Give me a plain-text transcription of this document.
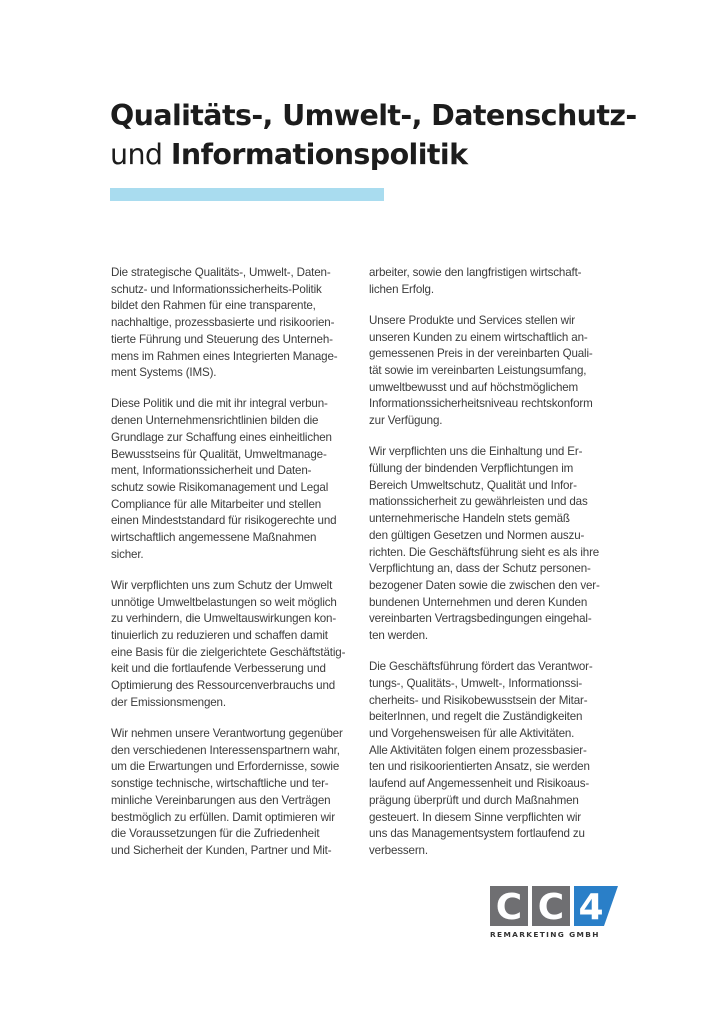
Qualitäts-, Umwelt-, Datenschutz-
und Informationspolitik

Die strategische Qualitäts-, Umwelt-, Daten-
schutz- und Informationssicherheits-Politik
bildet den Rahmen für eine transparente,
nachhaltige, prozessbasierte und risikoorien-
tierte Führung und Steuerung des Unterneh-
mens im Rahmen eines Integrierten Manage-
ment Systems (IMS).

Diese Politik und die mit ihr integral verbun-
denen Unternehmensrichtlinien bilden die
Grundlage zur Schaffung eines einheitlichen
Bewusstseins für Qualität, Umweltmanage-
ment, Informationssicherheit und Daten-
schutz sowie Risikomanagement und Legal
Compliance für alle Mitarbeiter und stellen
einen Mindeststandard für risikogerechte und
wirtschaftlich angemessene Maßnahmen
sicher.

Wir verpflichten uns zum Schutz der Umwelt
unnötige Umweltbelastungen so weit möglich
zu verhindern, die Umweltauswirkungen kon-
tinuierlich zu reduzieren und schaffen damit
eine Basis für die zielgerichtete Geschäftstätig-
keit und die fortlaufende Verbesserung und
Optimierung des Ressourcenverbrauchs und
der Emissionsmengen.

Wir nehmen unsere Verantwortung gegenüber
den verschiedenen Interessenspartnern wahr,
um die Erwartungen und Erfordernisse, sowie
sonstige technische, wirtschaftliche und ter-
minliche Vereinbarungen aus den Verträgen
bestmöglich zu erfüllen. Damit optimieren wir
die Voraussetzungen für die Zufriedenheit
und Sicherheit der Kunden, Partner und Mit-

arbeiter, sowie den langfristigen wirtschaft-
lichen Erfolg.

Unsere Produkte und Services stellen wir
unseren Kunden zu einem wirtschaftlich an-
gemessenen Preis in der vereinbarten Quali-
tät sowie im vereinbarten Leistungsumfang,
umweltbewusst und auf höchstmöglichem
Informationssicherheitsniveau rechtskonform
zur Verfügung.

Wir verpflichten uns die Einhaltung und Er-
füllung der bindenden Verpflichtungen im
Bereich Umweltschutz, Qualität und Infor-
mationssicherheit zu gewährleisten und das
unternehmerische Handeln stets gemäß
den gültigen Gesetzen und Normen auszu-
richten. Die Geschäftsführung sieht es als ihre
Verpflichtung an, dass der Schutz personen-
bezogener Daten sowie die zwischen den ver-
bundenen Unternehmen und deren Kunden
vereinbarten Vertragsbedingungen eingehal-
ten werden.

Die Geschäftsführung fördert das Verantwor-
tungs-, Qualitäts-, Umwelt-, Informationssi-
cherheits- und Risikobewusstsein der Mitar-
beiterInnen, und regelt die Zuständigkeiten
und Vorgehensweisen für alle Aktivitäten.
Alle Aktivitäten folgen einem prozessbasier-
ten und risikoorientierten Ansatz, sie werden
laufend auf Angemessenheit und Risikoaus-
prägung überprüft und durch Maßnahmen
gesteuert. In diesem Sinne verpflichten wir
uns das Managementsystem fortlaufend zu
verbessern.

C C 4
REMARKETING GMBH
